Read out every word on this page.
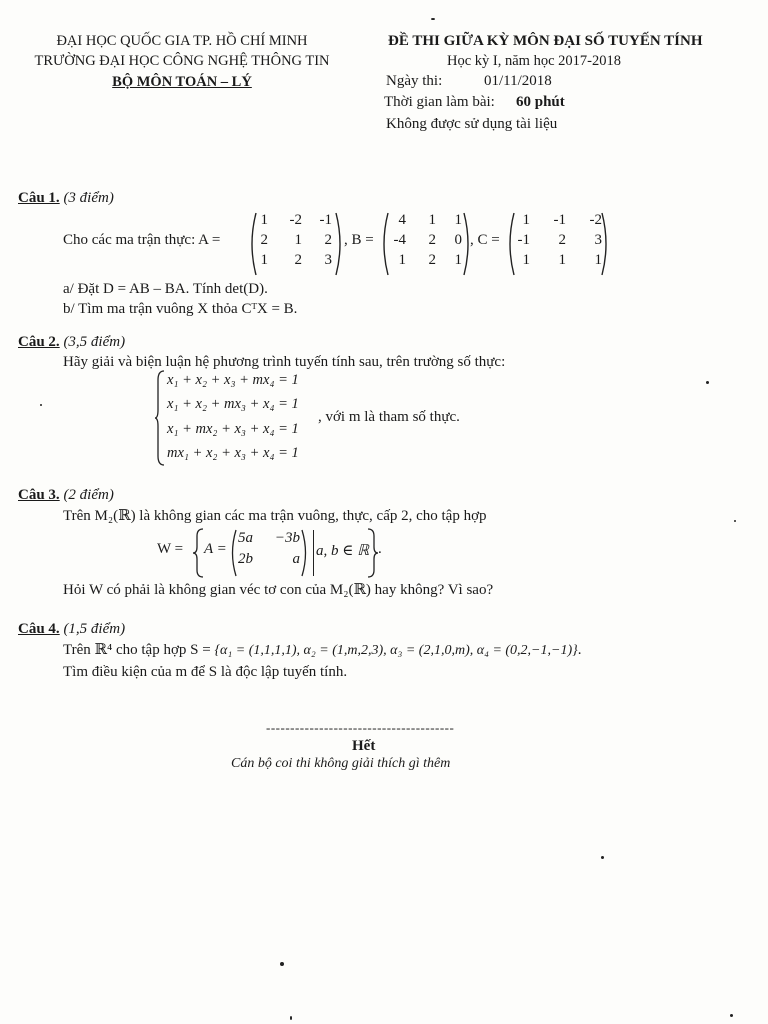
ĐẠI HỌC QUỐC GIA TP. HỒ CHÍ MINH
TRƯỜNG ĐẠI HỌC CÔNG NGHỆ THÔNG TIN
BỘ MÔN TOÁN – LÝ
ĐỀ THI GIỮA KỲ MÔN ĐẠI SỐ TUYẾN TÍNH
Học kỳ I, năm học 2017-2018
Ngày thi:	01/11/2018
Thời gian làm bài: 60 phút
Không được sử dụng tài liệu
Câu 1. (3 điểm)
Cho các ma trận thực: A =
1	-2	-1
2	1	2
1	2	3
, B =
4	1	1
-4	2	0
1	2	1
, C =
1	-1	-2
-1	2	3
1	1	1
a/ Đặt D = AB – BA. Tính det(D).
b/ Tìm ma trận vuông X thỏa CᵀX = B.
Câu 2. (3,5 điểm)
Hãy giải và biện luận hệ phương trình tuyến tính sau, trên trường số thực:
x₁ + x₂ + x₃ + mx₄ = 1
x₁ + x₂ + mx₃ + x₄ = 1
x₁ + mx₂ + x₃ + x₄ = 1
mx₁ + x₂ + x₃ + x₄ = 1
, với m là tham số thực.
Câu 3. (2 điểm)
Trên M₂(ℝ) là không gian các ma trận vuông, thực, cấp 2, cho tập hợp
W = A =
5a	−3b
2b	a a, b ∈ ℝ .
Hỏi W có phải là không gian véc tơ con của M₂(ℝ) hay không? Vì sao?
Câu 4. (1,5 điểm)
Trên ℝ⁴ cho tập hợp S = {α₁ = (1,1,1,1), α₂ = (1,m,2,3), α₃ = (2,1,0,m), α₄ = (0,2,−1,−1)}.
Tìm điều kiện của m để S là độc lập tuyến tính.
---------------------------------------
Hết
Cán bộ coi thi không giải thích gì thêm
